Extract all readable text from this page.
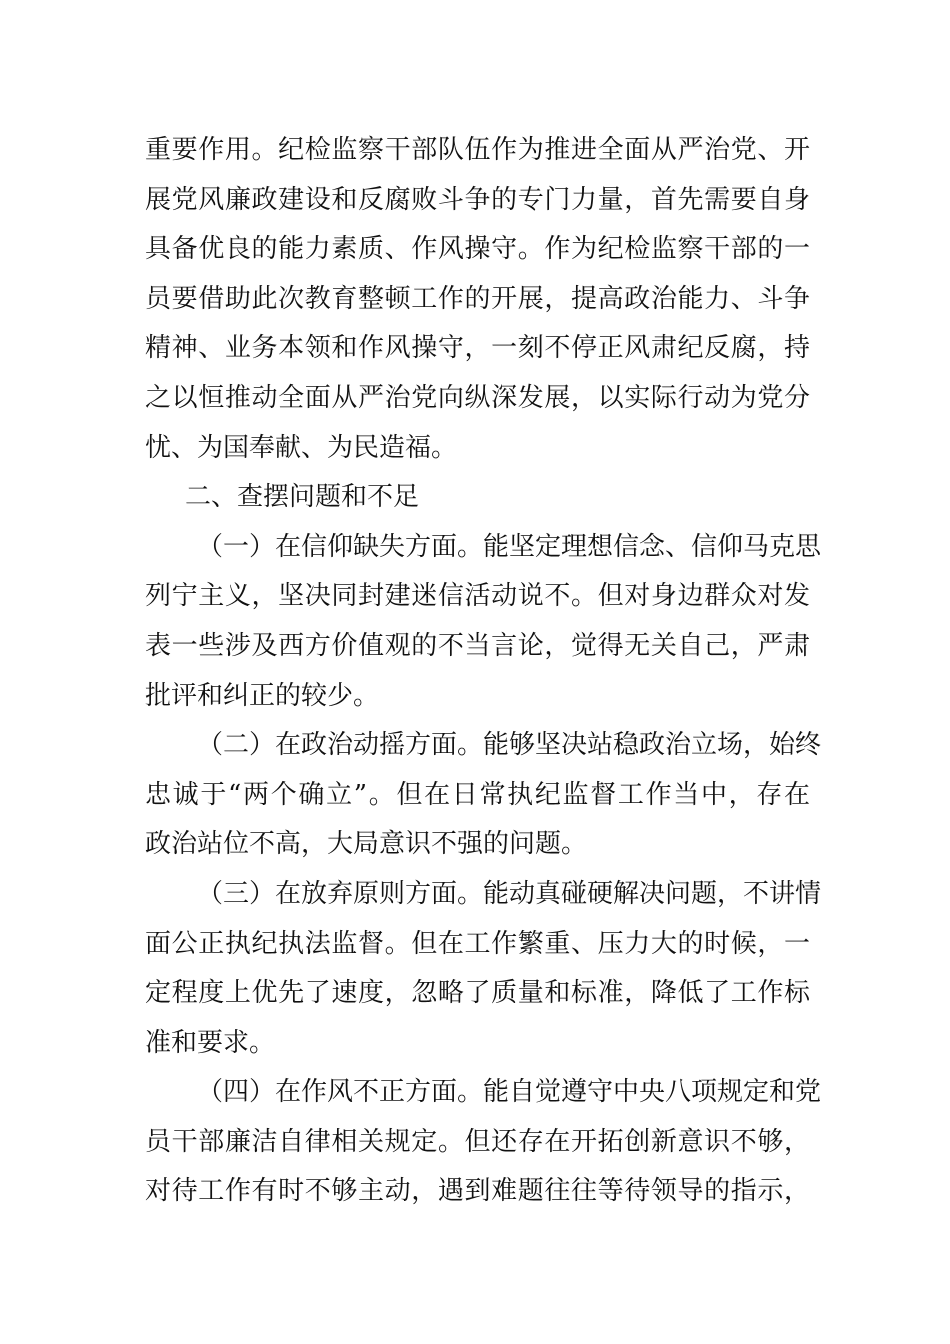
重要作用。纪检监察干部队伍作为推进全面从严治党、开
展党风廉政建设和反腐败斗争的专门力量，首先需要自身
具备优良的能力素质、作风操守。作为纪检监察干部的一
员要借助此次教育整顿工作的开展，提高政治能力、斗争
精神、业务本领和作风操守，一刻不停正风肃纪反腐，持
之以恒推动全面从严治党向纵深发展，以实际行动为党分
忧、为国奉献、为民造福。
二、查摆问题和不足
（一）在信仰缺失方面。能坚定理想信念、信仰马克思
列宁主义，坚决同封建迷信活动说不。但对身边群众对发
表一些涉及西方价值观的不当言论，觉得无关自己，严肃
批评和纠正的较少。
（二）在政治动摇方面。能够坚决站稳政治立场，始终
忠诚于“两个确立”。但在日常执纪监督工作当中，存在
政治站位不高，大局意识不强的问题。
（三）在放弃原则方面。能动真碰硬解决问题，不讲情
面公正执纪执法监督。但在工作繁重、压力大的时候，一
定程度上优先了速度，忽略了质量和标准，降低了工作标
准和要求。
（四）在作风不正方面。能自觉遵守中央八项规定和党
员干部廉洁自律相关规定。但还存在开拓创新意识不够，
对待工作有时不够主动，遇到难题往往等待领导的指示，
